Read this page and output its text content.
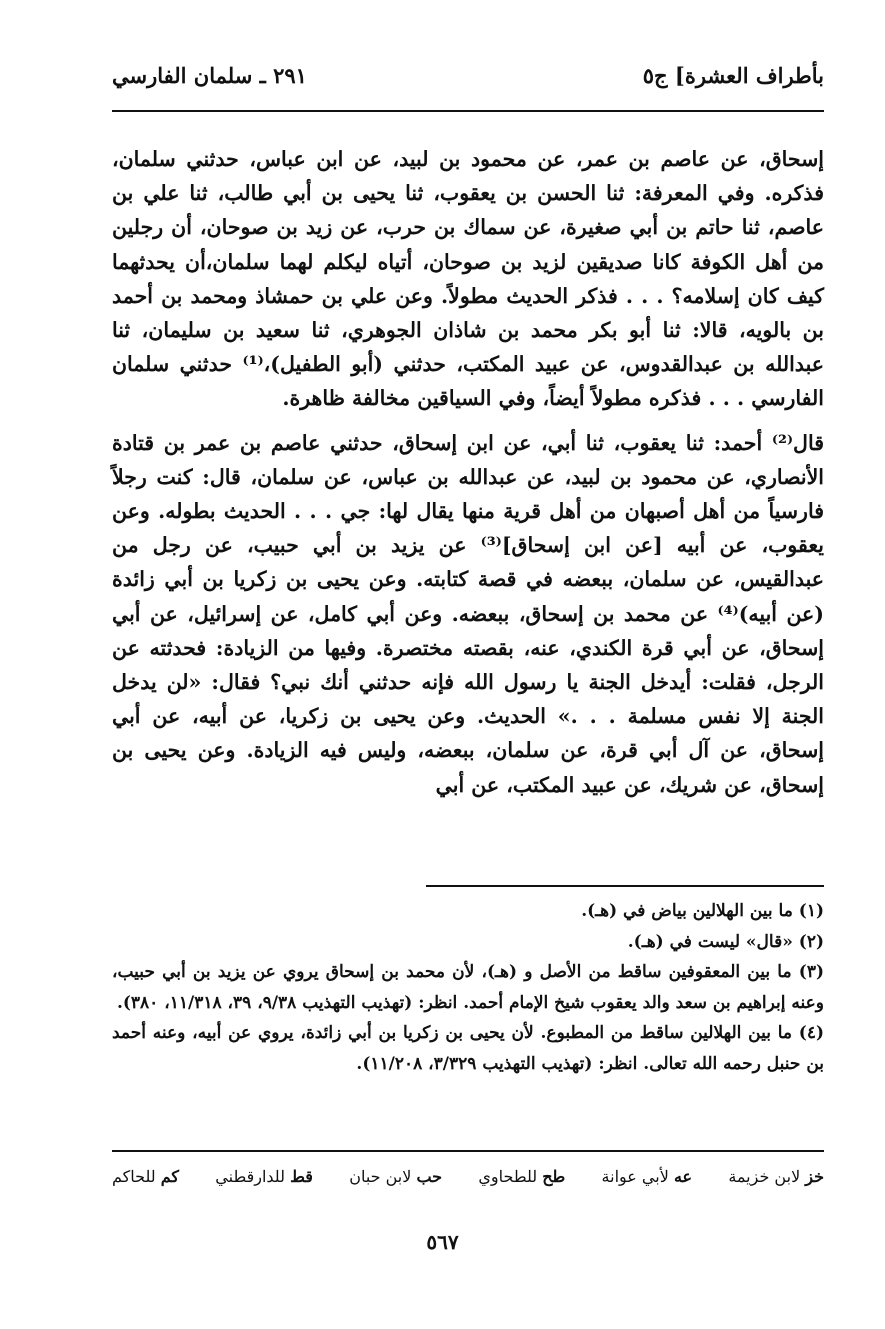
بأطراف العشرة] ج٥
٢٩١ ـ سلمان الفارسي

إسحاق، عن عاصم بن عمر، عن محمود بن لبيد، عن ابن عباس، حدثني سلمان، فذكره. وفي المعرفة: ثنا الحسن بن يعقوب، ثنا يحيى بن أبي طالب، ثنا علي بن عاصم، ثنا حاتم بن أبي صغيرة، عن سماك بن حرب، عن زيد بن صوحان، أن رجلين من أهل الكوفة كانا صديقين لزيد بن صوحان، أتياه ليكلم لهما سلمان،أن يحدثهما كيف كان إسلامه؟ . . . فذكر الحديث مطولاً. وعن علي بن حمشاذ ومحمد بن أحمد بن بالويه، قالا: ثنا أبو بكر محمد بن شاذان الجوهري، ثنا سعيد بن سليمان، ثنا عبدالله بن عبدالقدوس، عن عبيد المكتب، حدثني (أبو الطفيل)،⁽¹⁾ حدثني سلمان الفارسي . . . فذكره مطولاً أيضاً، وفي السياقين مخالفة ظاهرة.

قال⁽²⁾ أحمد: ثنا يعقوب، ثنا أبي، عن ابن إسحاق، حدثني عاصم بن عمر بن قتادة الأنصاري، عن محمود بن لبيد، عن عبدالله بن عباس، عن سلمان، قال: كنت رجلاً فارسياً من أهل أصبهان من أهل قرية منها يقال لها: جي . . . الحديث بطوله. وعن يعقوب، عن أبيه [عن ابن إسحاق]⁽³⁾ عن يزيد بن أبي حبيب، عن رجل من عبدالقيس، عن سلمان، ببعضه في قصة كتابته. وعن يحيى بن زكريا بن أبي زائدة (عن أبيه)⁽⁴⁾ عن محمد بن إسحاق، ببعضه. وعن أبي كامل، عن إسرائيل، عن أبي إسحاق، عن أبي قرة الكندي، عنه، بقصته مختصرة. وفيها من الزيادة: فحدثته عن الرجل، فقلت: أيدخل الجنة يا رسول الله فإنه حدثني أنك نبي؟ فقال: «لن يدخل الجنة إلا نفس مسلمة . . .» الحديث. وعن يحيى بن زكريا، عن أبيه، عن أبي إسحاق، عن آل أبي قرة، عن سلمان، ببعضه، وليس فيه الزيادة. وعن يحيى بن إسحاق، عن شريك، عن عبيد المكتب، عن أبي

(١) ما بين الهلالين بياض في (هـ).

(٢) «قال» ليست في (هـ).

(٣) ما بين المعقوفين ساقط من الأصل و (هـ)، لأن محمد بن إسحاق يروي عن يزيد بن أبي حبيب، وعنه إبراهيم بن سعد والد يعقوب شيخ الإمام أحمد. انظر: (تهذيب التهذيب ٩/٣٨، ٣٩، ١١/٣١٨، ٣٨٠).

(٤) ما بين الهلالين ساقط من المطبوع. لأن يحيى بن زكريا بن أبي زائدة، يروي عن أبيه، وعنه أحمد بن حنبل رحمه الله تعالى. انظر: (تهذيب التهذيب ٣/٣٢٩، ١١/٢٠٨).

خز لابن خزيمة
عه لأبي عوانة
طح للطحاوي
حب لابن حبان
قط للدارقطني
كم للحاكم
٥٦٧
